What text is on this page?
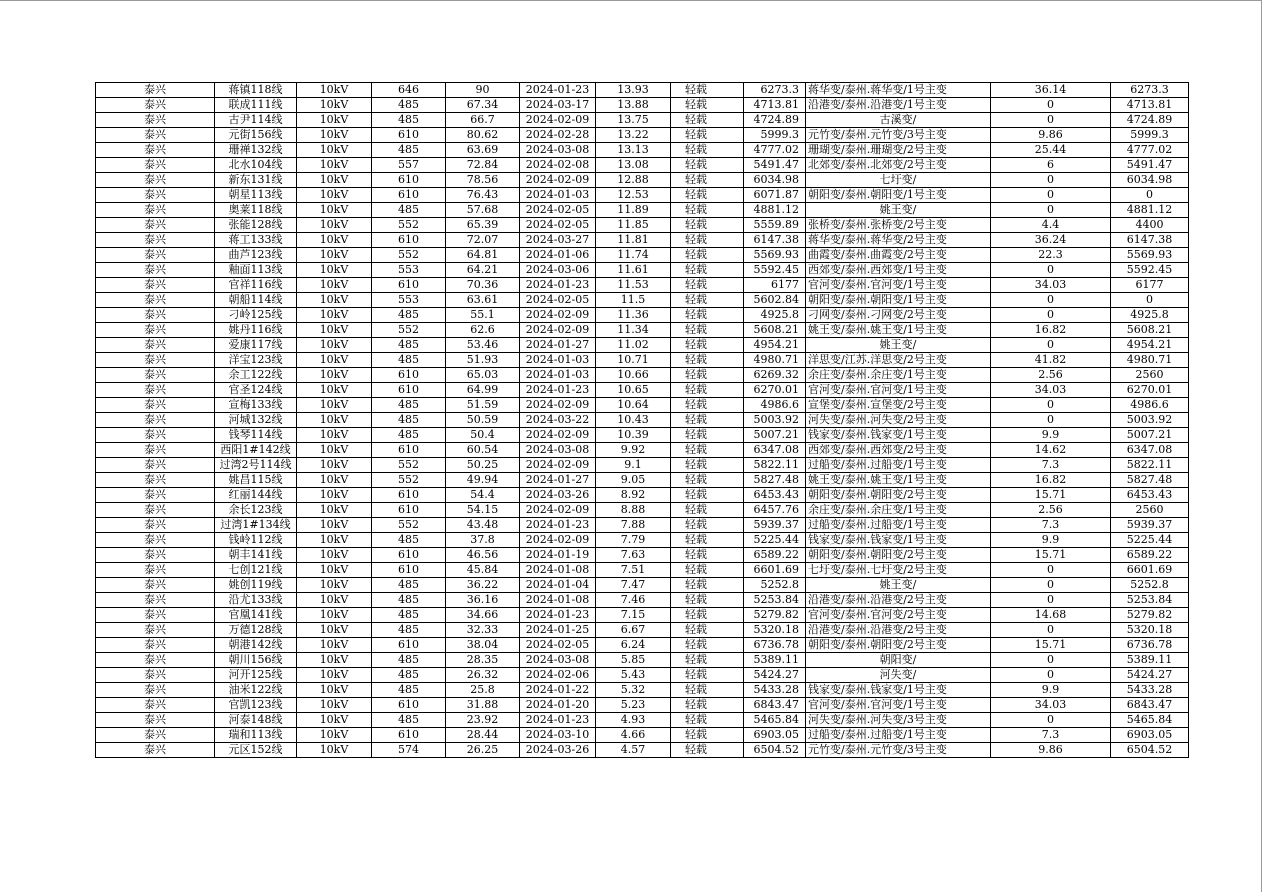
泰兴	蒋镇118线	10kV	646	90	2024-01-23	13.93	轻载	6273.3	蒋华变/泰州.蒋华变/1号主变	36.14	6273.3
泰兴	联成111线	10kV	485	67.34	2024-03-17	13.88	轻载	4713.81	沿港变/泰州.沿港变/1号主变	0	4713.81
泰兴	古尹114线	10kV	485	66.7	2024-02-09	13.75	轻载	4724.89	古溪变/	0	4724.89
泰兴	元街156线	10kV	610	80.62	2024-02-28	13.22	轻载	5999.3	元竹变/泰州.元竹变/3号主变	9.86	5999.3
泰兴	珊禅132线	10kV	485	63.69	2024-03-08	13.13	轻载	4777.02	珊瑚变/泰州.珊瑚变/2号主变	25.44	4777.02
泰兴	北水104线	10kV	557	72.84	2024-02-08	13.08	轻载	5491.47	北郊变/泰州.北郊变/2号主变	6	5491.47
泰兴	新东131线	10kV	610	78.56	2024-02-09	12.88	轻载	6034.98	七圩变/	0	6034.98
泰兴	朝星113线	10kV	610	76.43	2024-01-03	12.53	轻载	6071.87	朝阳变/泰州.朝阳变/1号主变	0	0
泰兴	奥莱118线	10kV	485	57.68	2024-02-05	11.89	轻载	4881.12	姚王变/	0	4881.12
泰兴	张能128线	10kV	552	65.39	2024-02-05	11.85	轻载	5559.89	张桥变/泰州.张桥变/2号主变	4.4	4400
泰兴	蒋工133线	10kV	610	72.07	2024-03-27	11.81	轻载	6147.38	蒋华变/泰州.蒋华变/2号主变	36.24	6147.38
泰兴	曲芦123线	10kV	552	64.81	2024-01-06	11.74	轻载	5569.93	曲霞变/泰州.曲霞变/2号主变	22.3	5569.93
泰兴	釉面113线	10kV	553	64.21	2024-03-06	11.61	轻载	5592.45	西郊变/泰州.西郊变/1号主变	0	5592.45
泰兴	官祥116线	10kV	610	70.36	2024-01-23	11.53	轻载	6177	官河变/泰州.官河变/1号主变	34.03	6177
泰兴	朝船114线	10kV	553	63.61	2024-02-05	11.5	轻载	5602.84	朝阳变/泰州.朝阳变/1号主变	0	0
泰兴	刁岭125线	10kV	485	55.1	2024-02-09	11.36	轻载	4925.8	刁网变/泰州.刁网变/2号主变	0	4925.8
泰兴	姚丹116线	10kV	552	62.6	2024-02-09	11.34	轻载	5608.21	姚王变/泰州.姚王变/1号主变	16.82	5608.21
泰兴	爱康117线	10kV	485	53.46	2024-01-27	11.02	轻载	4954.21	姚王变/	0	4954.21
泰兴	洋宝123线	10kV	485	51.93	2024-01-03	10.71	轻载	4980.71	洋思变/江苏.洋思变/2号主变	41.82	4980.71
泰兴	余工122线	10kV	610	65.03	2024-01-03	10.66	轻载	6269.32	余庄变/泰州.余庄变/1号主变	2.56	2560
泰兴	官圣124线	10kV	610	64.99	2024-01-23	10.65	轻载	6270.01	官河变/泰州.官河变/1号主变	34.03	6270.01
泰兴	宣梅133线	10kV	485	51.59	2024-02-09	10.64	轻载	4986.6	宣堡变/泰州.宣堡变/2号主变	0	4986.6
泰兴	河城132线	10kV	485	50.59	2024-03-22	10.43	轻载	5003.92	河失变/泰州.河失变/2号主变	0	5003.92
泰兴	钱琴114线	10kV	485	50.4	2024-02-09	10.39	轻载	5007.21	钱家变/泰州.钱家变/1号主变	9.9	5007.21
泰兴	西阳1#142线	10kV	610	60.54	2024-03-08	9.92	轻载	6347.08	西郊变/泰州.西郊变/2号主变	14.62	6347.08
泰兴	过湾2号114线	10kV	552	50.25	2024-02-09	9.1	轻载	5822.11	过船变/泰州.过船变/1号主变	7.3	5822.11
泰兴	姚昌115线	10kV	552	49.94	2024-01-27	9.05	轻载	5827.48	姚王变/泰州.姚王变/1号主变	16.82	5827.48
泰兴	红丽144线	10kV	610	54.4	2024-03-26	8.92	轻载	6453.43	朝阳变/泰州.朝阳变/2号主变	15.71	6453.43
泰兴	余长123线	10kV	610	54.15	2024-02-09	8.88	轻载	6457.76	余庄变/泰州.余庄变/1号主变	2.56	2560
泰兴	过湾1#134线	10kV	552	43.48	2024-01-23	7.88	轻载	5939.37	过船变/泰州.过船变/1号主变	7.3	5939.37
泰兴	钱岭112线	10kV	485	37.8	2024-02-09	7.79	轻载	5225.44	钱家变/泰州.钱家变/1号主变	9.9	5225.44
泰兴	朝丰141线	10kV	610	46.56	2024-01-19	7.63	轻载	6589.22	朝阳变/泰州.朝阳变/2号主变	15.71	6589.22
泰兴	七创121线	10kV	610	45.84	2024-01-08	7.51	轻载	6601.69	七圩变/泰州.七圩变/2号主变	0	6601.69
泰兴	姚创119线	10kV	485	36.22	2024-01-04	7.47	轻载	5252.8	姚王变/	0	5252.8
泰兴	沿尤133线	10kV	485	36.16	2024-01-08	7.46	轻载	5253.84	沿港变/泰州.沿港变/2号主变	0	5253.84
泰兴	官凰141线	10kV	485	34.66	2024-01-23	7.15	轻载	5279.82	官河变/泰州.官河变/2号主变	14.68	5279.82
泰兴	万德128线	10kV	485	32.33	2024-01-25	6.67	轻载	5320.18	沿港变/泰州.沿港变/2号主变	0	5320.18
泰兴	朝港142线	10kV	610	38.04	2024-02-05	6.24	轻载	6736.78	朝阳变/泰州.朝阳变/2号主变	15.71	6736.78
泰兴	朝川156线	10kV	485	28.35	2024-03-08	5.85	轻载	5389.11	朝阳变/	0	5389.11
泰兴	河开125线	10kV	485	26.32	2024-02-06	5.43	轻载	5424.27	河失变/	0	5424.27
泰兴	油米122线	10kV	485	25.8	2024-01-22	5.32	轻载	5433.28	钱家变/泰州.钱家变/1号主变	9.9	5433.28
泰兴	官凯123线	10kV	610	31.88	2024-01-20	5.23	轻载	6843.47	官河变/泰州.官河变/1号主变	34.03	6843.47
泰兴	河泰148线	10kV	485	23.92	2024-01-23	4.93	轻载	5465.84	河失变/泰州.河失变/3号主变	0	5465.84
泰兴	瑞和113线	10kV	610	28.44	2024-03-10	4.66	轻载	6903.05	过船变/泰州.过船变/1号主变	7.3	6903.05
泰兴	元区152线	10kV	574	26.25	2024-03-26	4.57	轻载	6504.52	元竹变/泰州.元竹变/3号主变	9.86	6504.52
